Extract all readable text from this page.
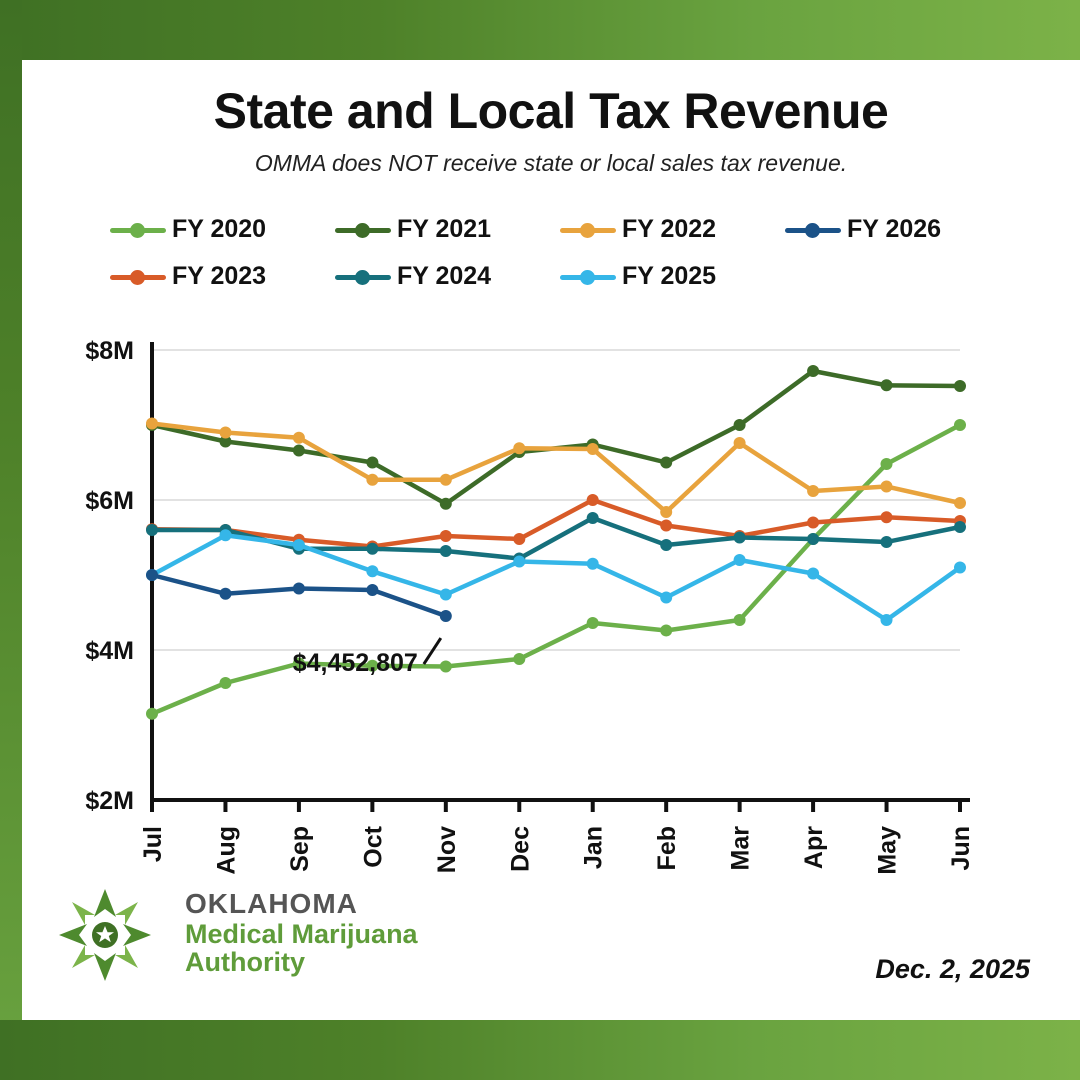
State and Local Tax Revenue
OMMA does NOT receive state or local sales tax revenue.
FY 2020	FY 2021	FY 2022	FY 2026
FY 2023	FY 2024	FY 2025
$2M
$4M
$6M
$8M
Jul Aug Sep Oct Nov Dec Jan Feb Mar Apr May Jun
$4,452,807
OKLAHOMA
Medical Marijuana
Authority	Dec. 2, 2025
